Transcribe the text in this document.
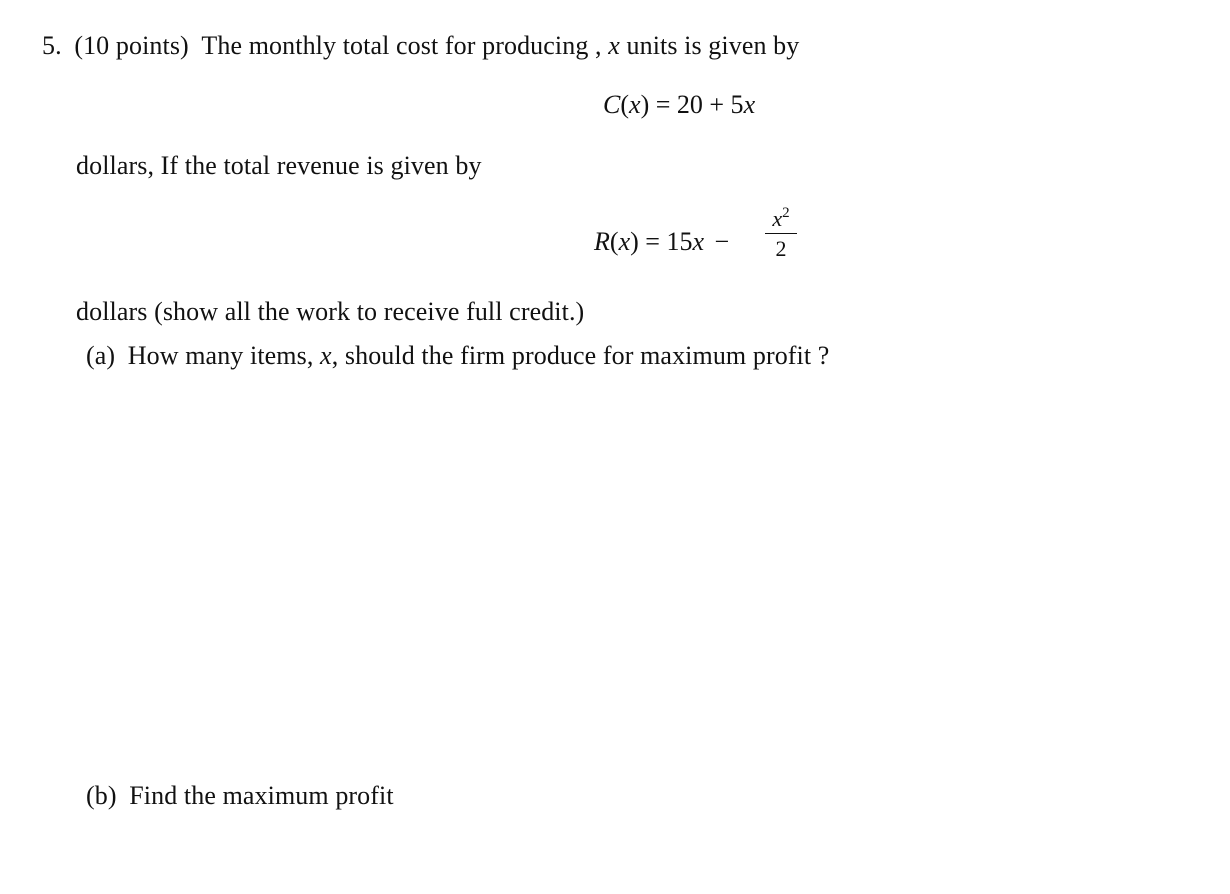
5. (10 points) The monthly total cost for producing , x units is given by
C(x) = 20 + 5x
dollars, If the total revenue is given by
R(x) = 15x −
$x^2$
2
dollars (show all the work to receive full credit.)
(a) How many items, x, should the firm produce for maximum profit ?
(b) Find the maximum profit
